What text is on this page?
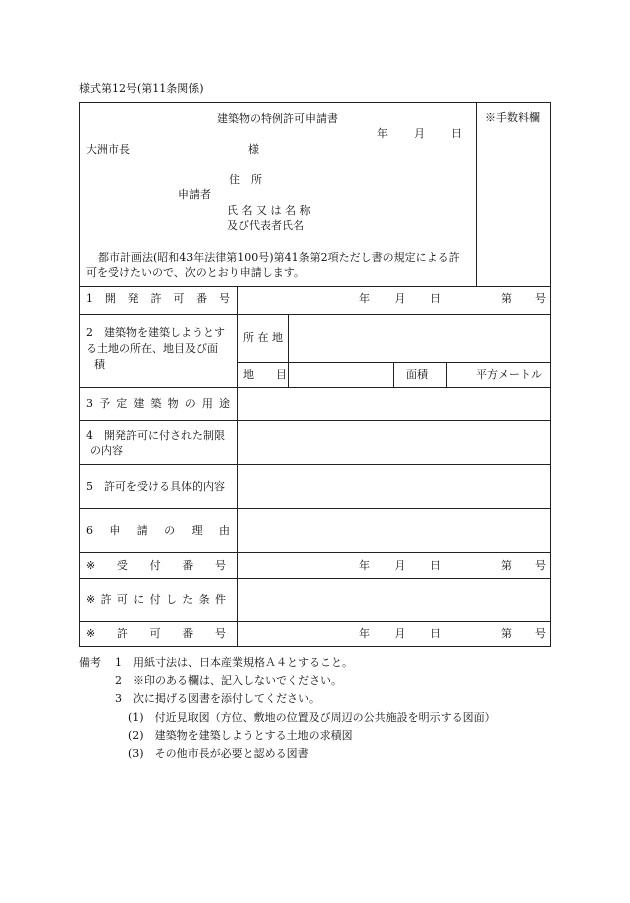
様式第12号(第11条関係)
建築物の特例許可申請書	※手数料欄
年 月 日
大洲市長	様
住　所
申請者
氏 名 又 は 名 称
及び代表者氏名
都市計画法(昭和43年法律第100号)第41条第2項ただし書の規定による許
可を受けたいので、次のとおり申請します。
1 開 発 許 可 番 号	年 月 日	第 号
2　建築物を建築しようとす
る土地の所在、地目及び面
積
所 在 地
地　　目	面積	平方メートル
3 予 定 建 築 物 の 用 途
4　開発許可に付された制限
の内容
5　許可を受ける具体的内容
6 申 請 の 理 由
※ 受 付 番 号	年 月 日	第 号
※ 許 可 に 付 し た 条 件
※ 許 可 番 号	年 月 日	第 号
備考 1　用紙寸法は、日本産業規格Ａ４とすること。
2　※印のある欄は、記入しないでください。
3　次に掲げる図書を添付してください。
(1)　付近見取図（方位、敷地の位置及び周辺の公共施設を明示する図面）
(2)　建築物を建築しようとする土地の求積図
(3)　その他市長が必要と認める図書
